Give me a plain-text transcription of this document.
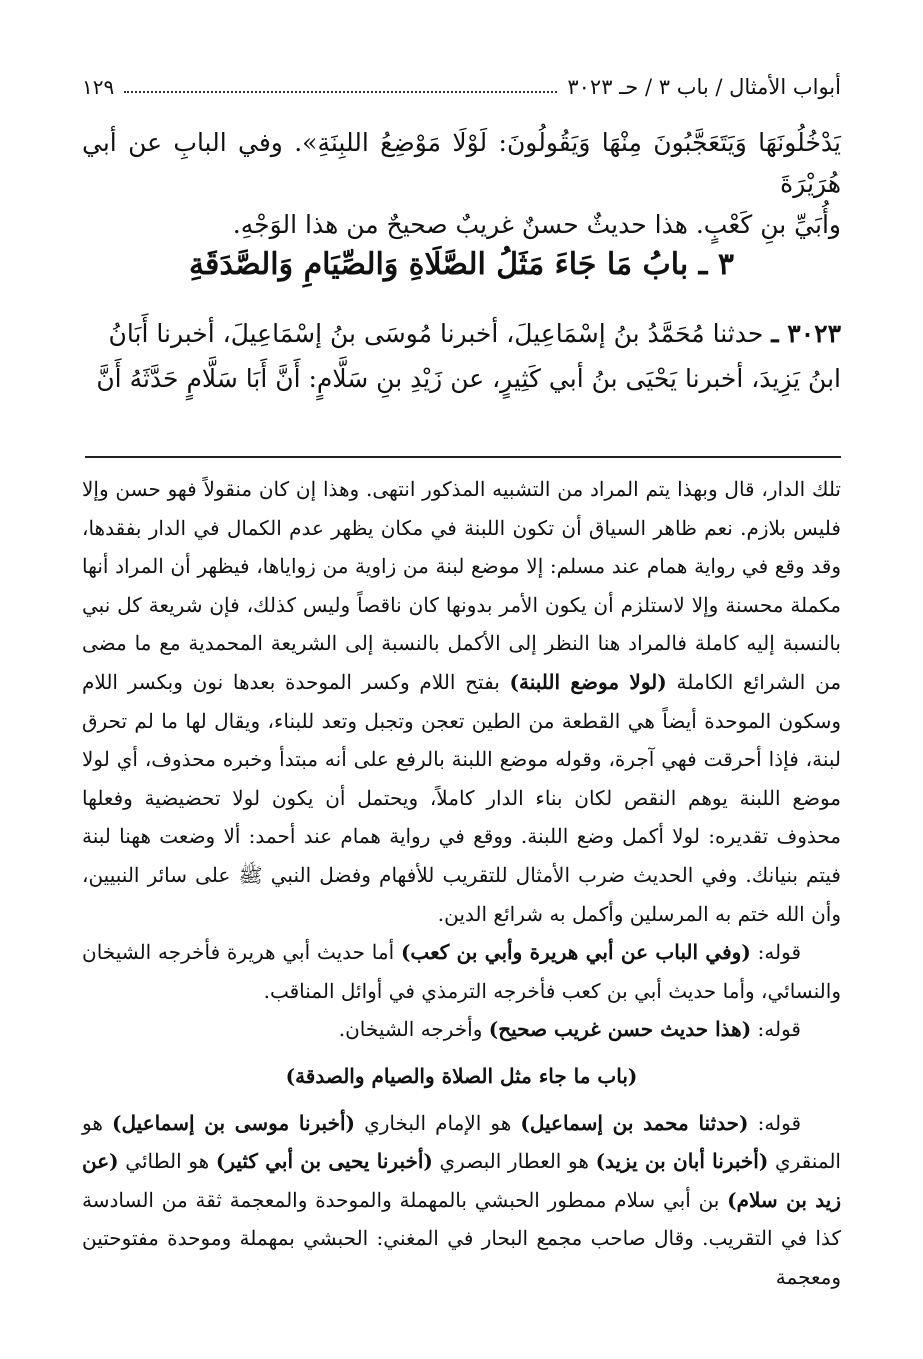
أبواب الأمثال / باب ٣ / حـ ٣٠٢٣
١٢٩

يَدْخُلُونَهَا وَيَتَعَجَّبُونَ مِنْهَا وَيَقُولُونَ: لَوْلَا مَوْضِعُ اللبِنَةِ». وفي البابِ عن أبي هُرَيْرَةَ

وأُبَيِّ بنِ كَعْبٍ. هذا حديثٌ حسنٌ غريبٌ صحيحٌ من هذا الوَجْهِ.

٣ ـ بابُ مَا جَاءَ مَثَلُ الصَّلَاةِ وَالصِّيَامِ وَالصَّدَقَةِ
٣٠٢٣ ـ حدثنا مُحَمَّدُ بنُ إسْمَاعِيلَ، أخبرنا مُوسَى بنُ إسْمَاعِيلَ، أخبرنا أَبَانُ
ابنُ يَزِيدَ، أخبرنا يَحْيَى بنُ أبي كَثِيرٍ، عن زَيْدِ بنِ سَلَّامٍ: أَنَّ أَبَا سَلَّامٍ حَدَّثَهُ أَنَّ

تلك الدار، قال وبهذا يتم المراد من التشبيه المذكور انتهى. وهذا إن كان منقولاً فهو حسن وإلا فليس بلازم. نعم ظاهر السياق أن تكون اللبنة في مكان يظهر عدم الكمال في الدار بفقدها، وقد وقع في رواية همام عند مسلم: إلا موضع لبنة من زاوية من زواياها، فيظهر أن المراد أنها مكملة محسنة وإلا لاستلزم أن يكون الأمر بدونها كان ناقصاً وليس كذلك، فإن شريعة كل نبي بالنسبة إليه كاملة فالمراد هنا النظر إلى الأكمل بالنسبة إلى الشريعة المحمدية مع ما مضى من الشرائع الكاملة (لولا موضع اللبنة) بفتح اللام وكسر الموحدة بعدها نون وبكسر اللام وسكون الموحدة أيضاً هي القطعة من الطين تعجن وتجبل وتعد للبناء، ويقال لها ما لم تحرق لبنة، فإذا أحرقت فهي آجرة، وقوله موضع اللبنة بالرفع على أنه مبتدأ وخبره محذوف، أي لولا موضع اللبنة يوهم النقص لكان بناء الدار كاملاً، ويحتمل أن يكون لولا تحضيضية وفعلها محذوف تقديره: لولا أكمل وضع اللبنة. ووقع في رواية همام عند أحمد: ألا وضعت ههنا لبنة فيتم بنيانك. وفي الحديث ضرب الأمثال للتقريب للأفهام وفضل النبي ﷺ على سائر النبيين، وأن الله ختم به المرسلين وأكمل به شرائع الدين.

قوله: (وفي الباب عن أبي هريرة وأبي بن كعب) أما حديث أبي هريرة فأخرجه الشيخان والنسائي، وأما حديث أبي بن كعب فأخرجه الترمذي في أوائل المناقب.

قوله: (هذا حديث حسن غريب صحيح) وأخرجه الشيخان.

(باب ما جاء مثل الصلاة والصيام والصدقة)

قوله: (حدثنا محمد بن إسماعيل) هو الإمام البخاري (أخبرنا موسى بن إسماعيل) هو المنقري (أخبرنا أبان بن يزيد) هو العطار البصري (أخبرنا يحيى بن أبي كثير) هو الطائي (عن زيد بن سلام) بن أبي سلام ممطور الحبشي بالمهملة والموحدة والمعجمة ثقة من السادسة كذا في التقريب. وقال صاحب مجمع البحار في المغني: الحبشي بمهملة وموحدة مفتوحتين ومعجمة
